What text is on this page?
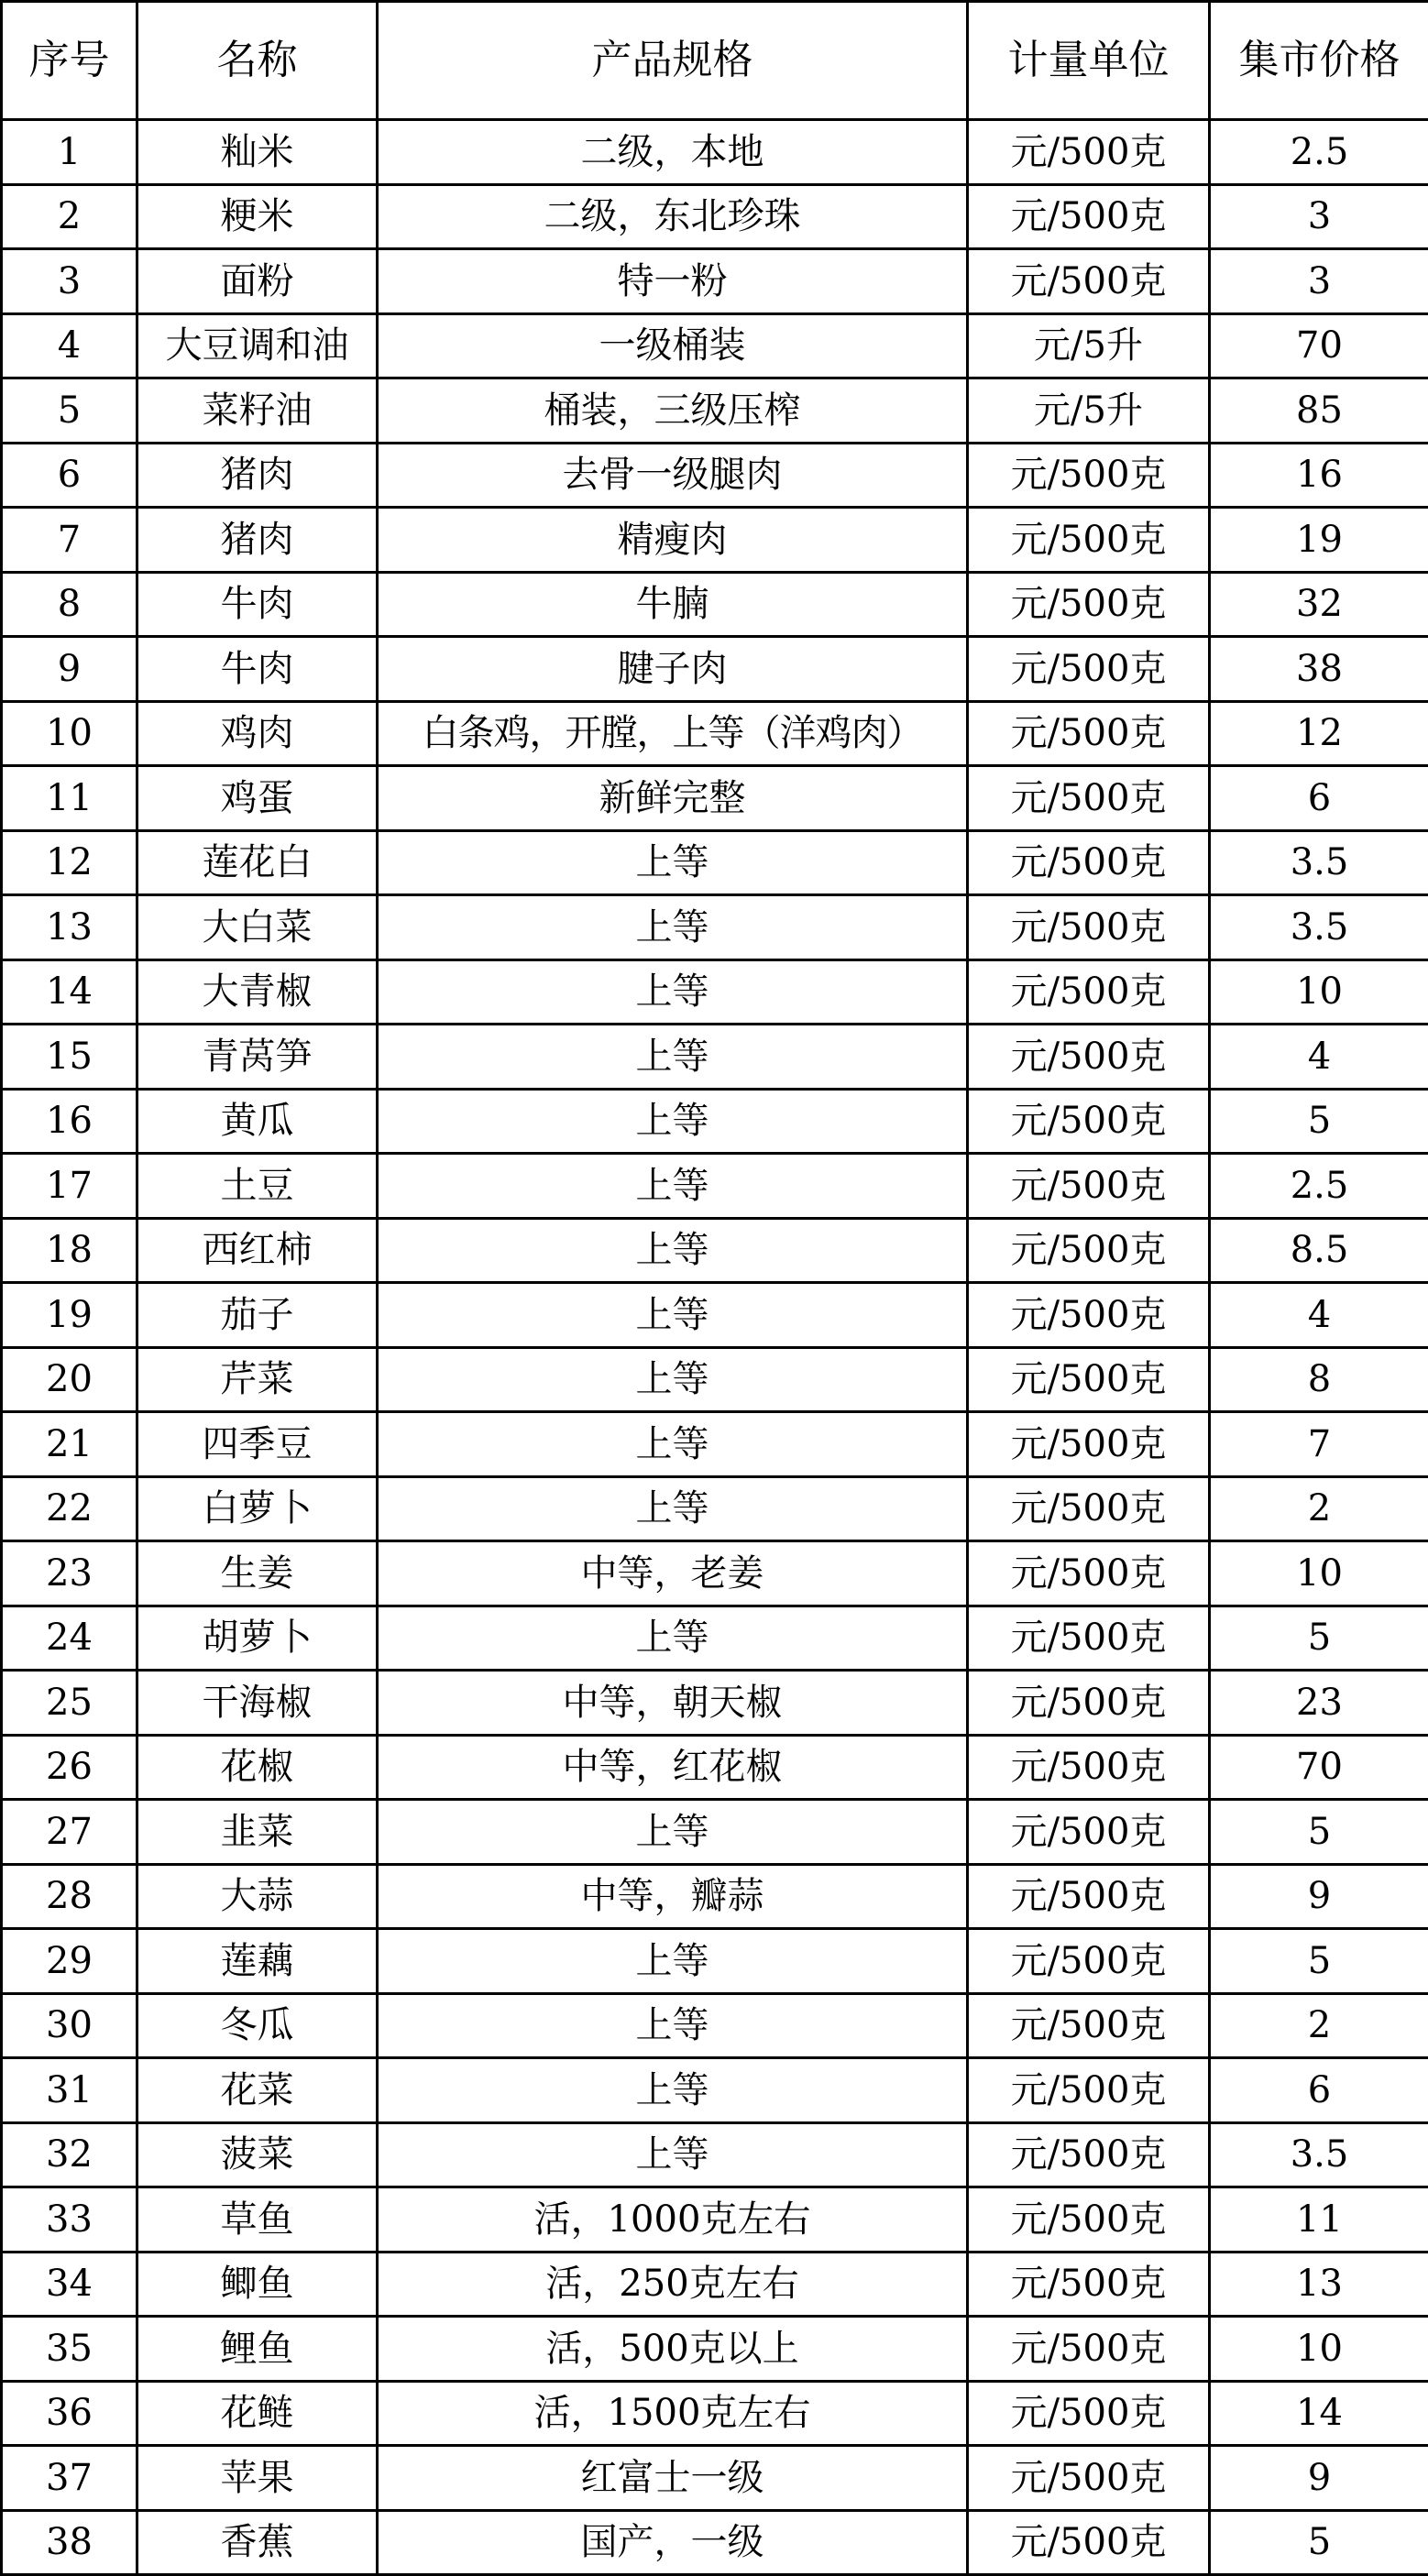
序号	名称	产品规格	计量单位	集市价格
1	籼米	二级，本地	元/500克	2.5
2	粳米	二级，东北珍珠	元/500克	3
3	面粉	特一粉	元/500克	3
4	大豆调和油	一级桶装	元/5升	70
5	菜籽油	桶装，三级压榨	元/5升	85
6	猪肉	去骨一级腿肉	元/500克	16
7	猪肉	精瘦肉	元/500克	19
8	牛肉	牛腩	元/500克	32
9	牛肉	腱子肉	元/500克	38
10	鸡肉	白条鸡，开膛，上等（洋鸡肉）	元/500克	12
11	鸡蛋	新鲜完整	元/500克	6
12	莲花白	上等	元/500克	3.5
13	大白菜	上等	元/500克	3.5
14	大青椒	上等	元/500克	10
15	青莴笋	上等	元/500克	4
16	黄瓜	上等	元/500克	5
17	土豆	上等	元/500克	2.5
18	西红柿	上等	元/500克	8.5
19	茄子	上等	元/500克	4
20	芹菜	上等	元/500克	8
21	四季豆	上等	元/500克	7
22	白萝卜	上等	元/500克	2
23	生姜	中等，老姜	元/500克	10
24	胡萝卜	上等	元/500克	5
25	干海椒	中等，朝天椒	元/500克	23
26	花椒	中等，红花椒	元/500克	70
27	韭菜	上等	元/500克	5
28	大蒜	中等，瓣蒜	元/500克	9
29	莲藕	上等	元/500克	5
30	冬瓜	上等	元/500克	2
31	花菜	上等	元/500克	6
32	菠菜	上等	元/500克	3.5
33	草鱼	活，1000克左右	元/500克	11
34	鲫鱼	活，250克左右	元/500克	13
35	鲤鱼	活，500克以上	元/500克	10
36	花鲢	活，1500克左右	元/500克	14
37	苹果	红富士一级	元/500克	9
38	香蕉	国产，一级	元/500克	5
